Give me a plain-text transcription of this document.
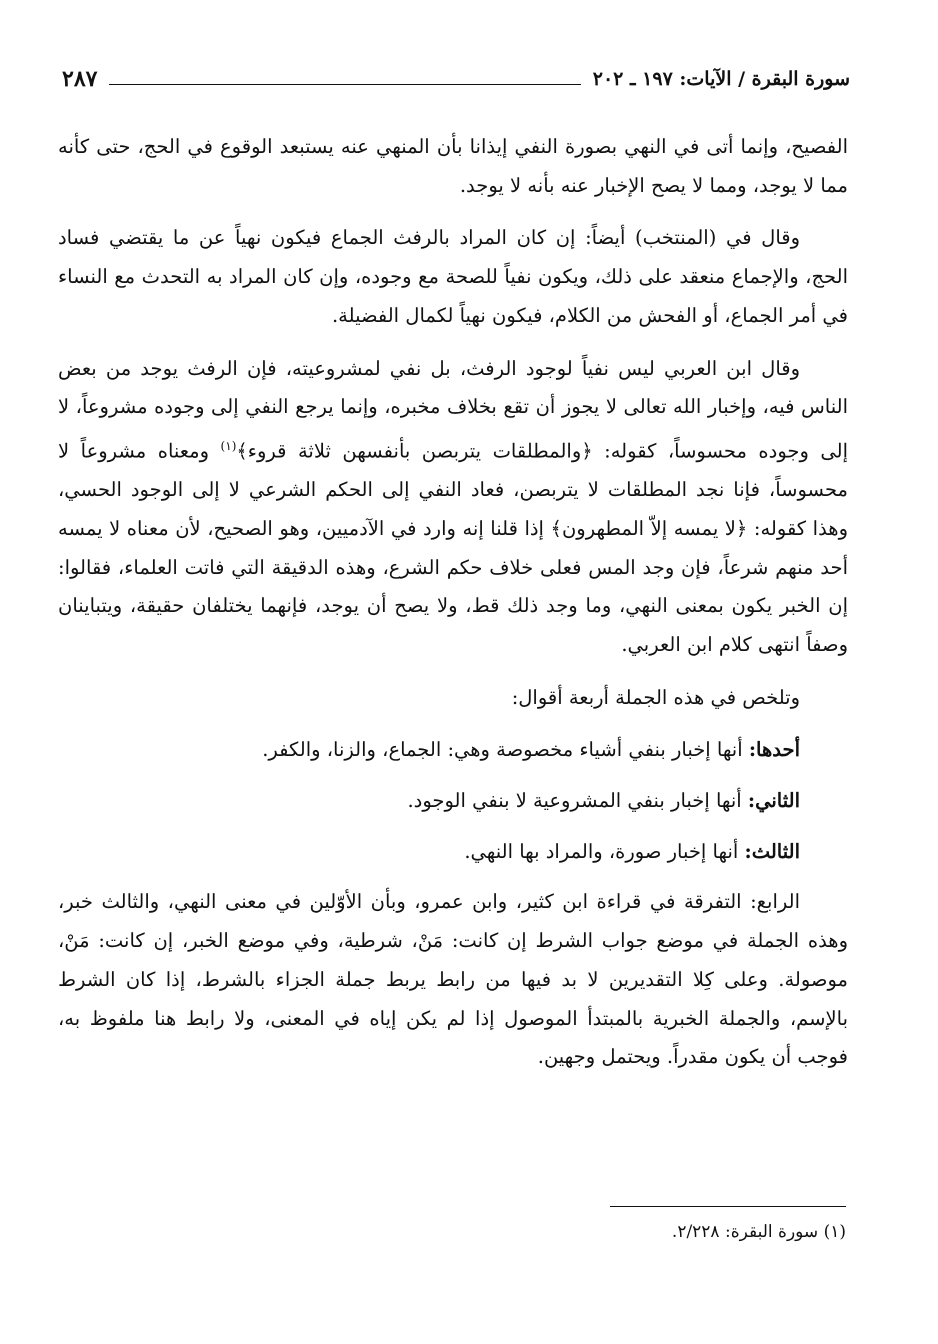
سورة البقرة / الآيات: ١٩٧ ـ ٢٠٢
٢٨٧

الفصيح، وإنما أتى في النهي بصورة النفي إيذانا بأن المنهي عنه يستبعد الوقوع في الحج، حتى كأنه مما لا يوجد، ومما لا يصح الإخبار عنه بأنه لا يوجد.

وقال في (المنتخب) أيضاً: إن كان المراد بالرفث الجماع فيكون نهياً عن ما يقتضي فساد الحج، والإجماع منعقد على ذلك، ويكون نفياً للصحة مع وجوده، وإن كان المراد به التحدث مع النساء في أمر الجماع، أو الفحش من الكلام، فيكون نهياً لكمال الفضيلة.

وقال ابن العربي ليس نفياً لوجود الرفث، بل نفي لمشروعيته، فإن الرفث يوجد من بعض الناس فيه، وإخبار الله تعالى لا يجوز أن تقع بخلاف مخبره، وإنما يرجع النفي إلى وجوده مشروعاً، لا إلى وجوده محسوساً، كقوله: ﴿والمطلقات يتربصن بأنفسهن ثلاثة قروء﴾$^{(١)}$ ومعناه مشروعاً لا محسوساً، فإنا نجد المطلقات لا يتربصن، فعاد النفي إلى الحكم الشرعي لا إلى الوجود الحسي، وهذا كقوله: ﴿لا يمسه إلاّ المطهرون﴾ إذا قلنا إنه وارد في الآدميين، وهو الصحيح، لأن معناه لا يمسه أحد منهم شرعاً، فإن وجد المس فعلى خلاف حكم الشرع، وهذه الدقيقة التي فاتت العلماء، فقالوا: إن الخبر يكون بمعنى النهي، وما وجد ذلك قط، ولا يصح أن يوجد، فإنهما يختلفان حقيقة، ويتباينان وصفاً انتهى كلام ابن العربي.

وتلخص في هذه الجملة أربعة أقوال:

أحدها: أنها إخبار بنفي أشياء مخصوصة وهي: الجماع، والزنا، والكفر.

الثاني: أنها إخبار بنفي المشروعية لا بنفي الوجود.

الثالث: أنها إخبار صورة، والمراد بها النهي.

الرابع: التفرقة في قراءة ابن كثير، وابن عمرو، وبأن الأوّلين في معنى النهي، والثالث خبر، وهذه الجملة في موضع جواب الشرط إن كانت: مَنْ، شرطية، وفي موضع الخبر، إن كانت: مَنْ، موصولة. وعلى كِلا التقديرين لا بد فيها من رابط يربط جملة الجزاء بالشرط، إذا كان الشرط بالإسم، والجملة الخبرية بالمبتدأ الموصول إذا لم يكن إياه في المعنى، ولا رابط هنا ملفوظ به، فوجب أن يكون مقدراً. ويحتمل وجهين.

(١) سورة البقرة: ٢/٢٢٨.
